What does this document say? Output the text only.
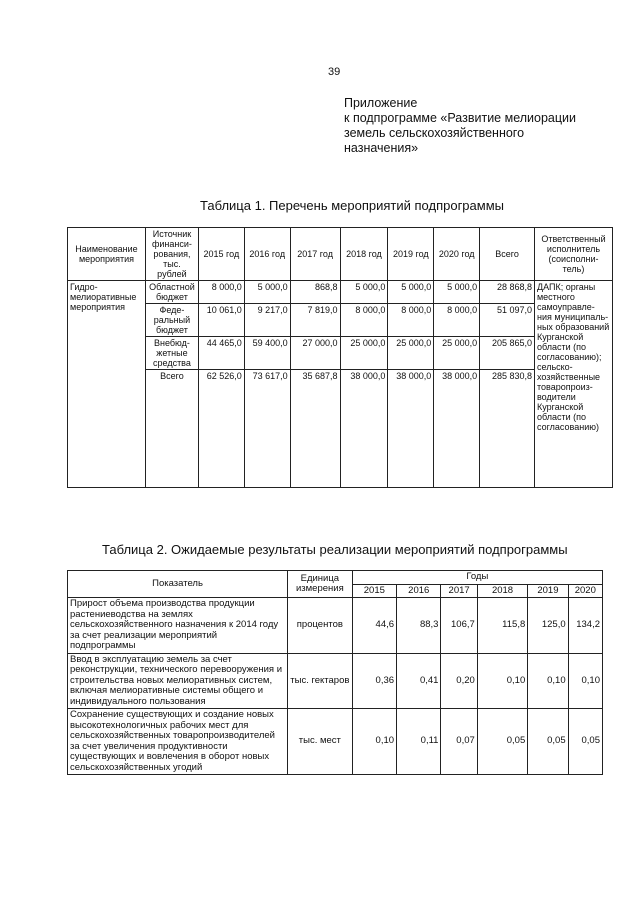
39
Приложение
к подпрограмме «Развитие мелиорации
земель сельскохозяйственного
назначения»
Таблица 1. Перечень мероприятий подпрограммы
Наименование мероприятия	Источник финанси- рования, тыс. рублей	2015 год	2016 год	2017 год	2018 год	2019 год	2020 год	Всего	Ответственный исполнитель (соисполни- тель)
Гидро- мелиоративные мероприятия	Областной бюджет	8 000,0	5 000,0	868,8	5 000,0	5 000,0	5 000,0	28 868,8	ДАПК; органы местного самоуправле- ния муниципаль- ных образований Курганской области (по согласованию); сельско- хозяйственные товаропроиз- водители Курганской области (по согласованию)
	Феде- ральный бюджет	10 061,0	9 217,0	7 819,0	8 000,0	8 000,0	8 000,0	51 097,0	
	Внебюд- жетные средства	44 465,0	59 400,0	27 000,0	25 000,0	25 000,0	25 000,0	205 865,0	
	Всего	62 526,0	73 617,0	35 687,8	38 000,0	38 000,0	38 000,0	285 830,8	
Таблица 2. Ожидаемые результаты реализации мероприятий подпрограммы
Показатель	Единица измерения	Годы					
		2015	2016	2017	2018	2019	2020
Прирост объема производства продукции растениеводства на землях сельскохозяйственного назначения к 2014 году за счет реализации мероприятий подпрограммы	процентов	44,6	88,3	106,7	115,8	125,0	134,2
Ввод в эксплуатацию земель за счет реконструкции, технического перевооружения и строительства новых мелиоративных систем, включая мелиоративные системы общего и индивидуального пользования	тыс. гектаров	0,36	0,41	0,20	0,10	0,10	0,10
Сохранение существующих и создание новых высокотехнологичных рабочих мест для сельскохозяйственных товаропроизводителей за счет увеличения продуктивности существующих и вовлечения в оборот новых сельскохозяйственных угодий	тыс. мест	0,10	0,11	0,07	0,05	0,05	0,05
